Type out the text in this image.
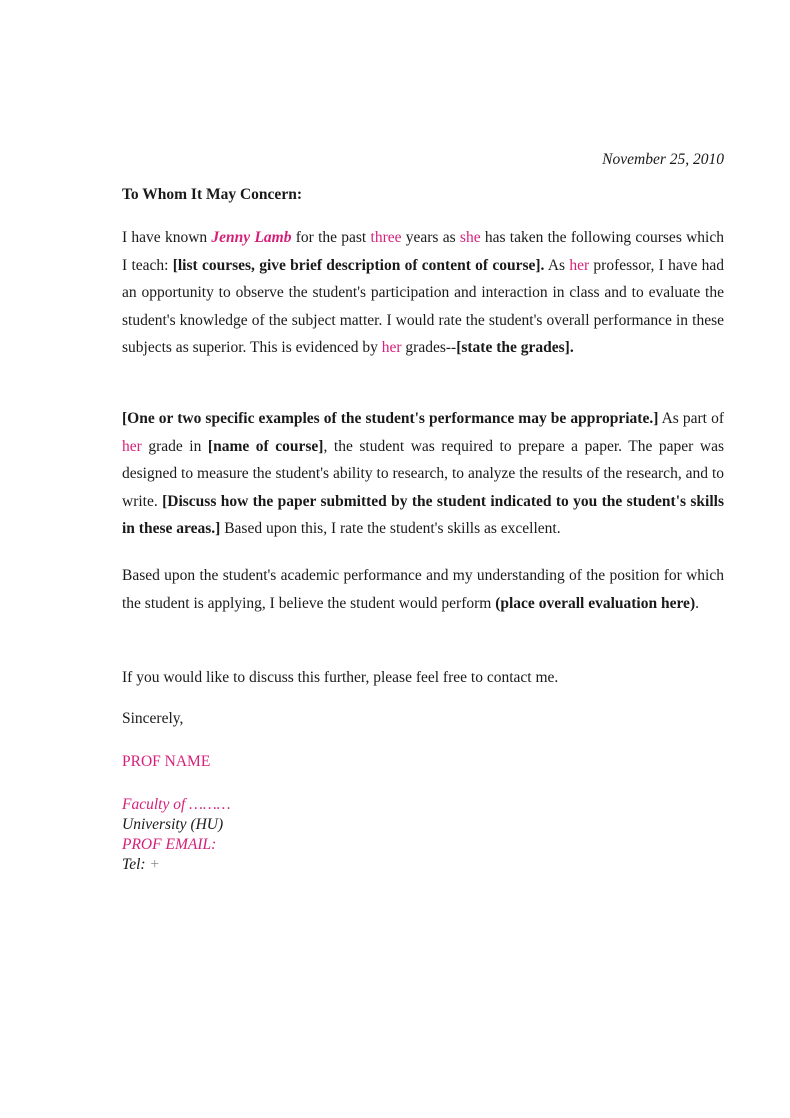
November 25, 2010
To Whom It May Concern:
I have known Jenny Lamb for the past three years as she has taken the following courses which I teach: [list courses, give brief description of content of course]. As her professor, I have had an opportunity to observe the student's participation and interaction in class and to evaluate the student's knowledge of the subject matter. I would rate the student's overall performance in these subjects as superior. This is evidenced by her grades--[state the grades].
[One or two specific examples of the student's performance may be appropriate.] As part of her grade in [name of course], the student was required to prepare a paper. The paper was designed to measure the student's ability to research, to analyze the results of the research, and to write. [Discuss how the paper submitted by the student indicated to you the student's skills in these areas.] Based upon this, I rate the student's skills as excellent.
Based upon the student's academic performance and my understanding of the position for which the student is applying, I believe the student would perform (place overall evaluation here).
If you would like to discuss this further, please feel free to contact me.
Sincerely,
PROF NAME
Faculty of ………
University (HU)
PROF EMAIL:
Tel: +
